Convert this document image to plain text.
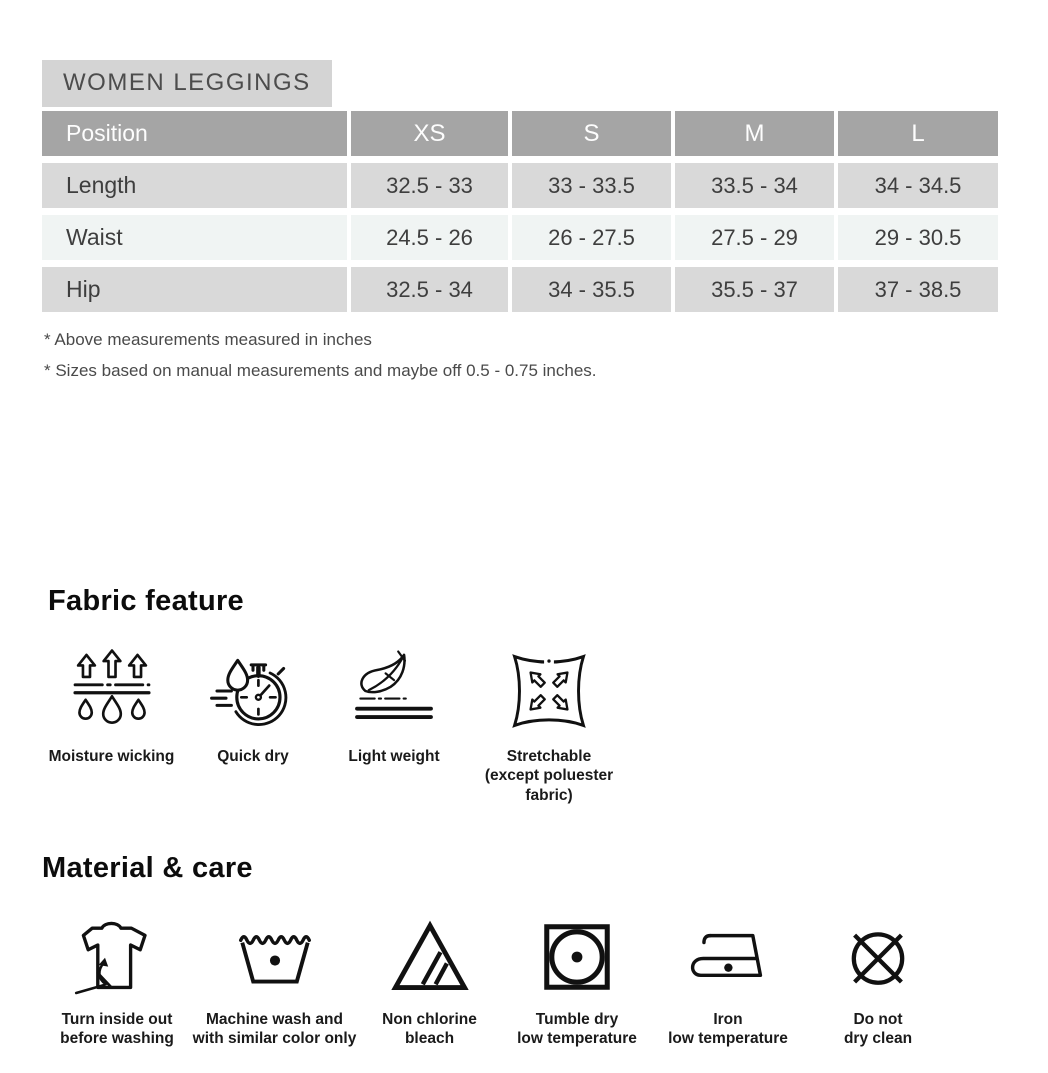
WOMEN LEGGINGS
Position	XS	S	M	L
Length	32.5 - 33	33 - 33.5	33.5 - 34	34 - 34.5
Waist	24.5 - 26	26 - 27.5	27.5 - 29	29 - 30.5
Hip	32.5 - 34	34 - 35.5	35.5 - 37	37 - 38.5
* Above measurements measured in inches
* Sizes based on manual measurements and maybe off 0.5 - 0.75 inches.
Fabric feature
Moisture wicking	Quick dry	Light weight	Stretchable
(except poluester fabric)
Material & care
Turn inside out
before washing
Machine wash and
with similar color only
Non chlorine
bleach
Tumble dry
low temperature
Iron
low temperature
Do not
dry clean
